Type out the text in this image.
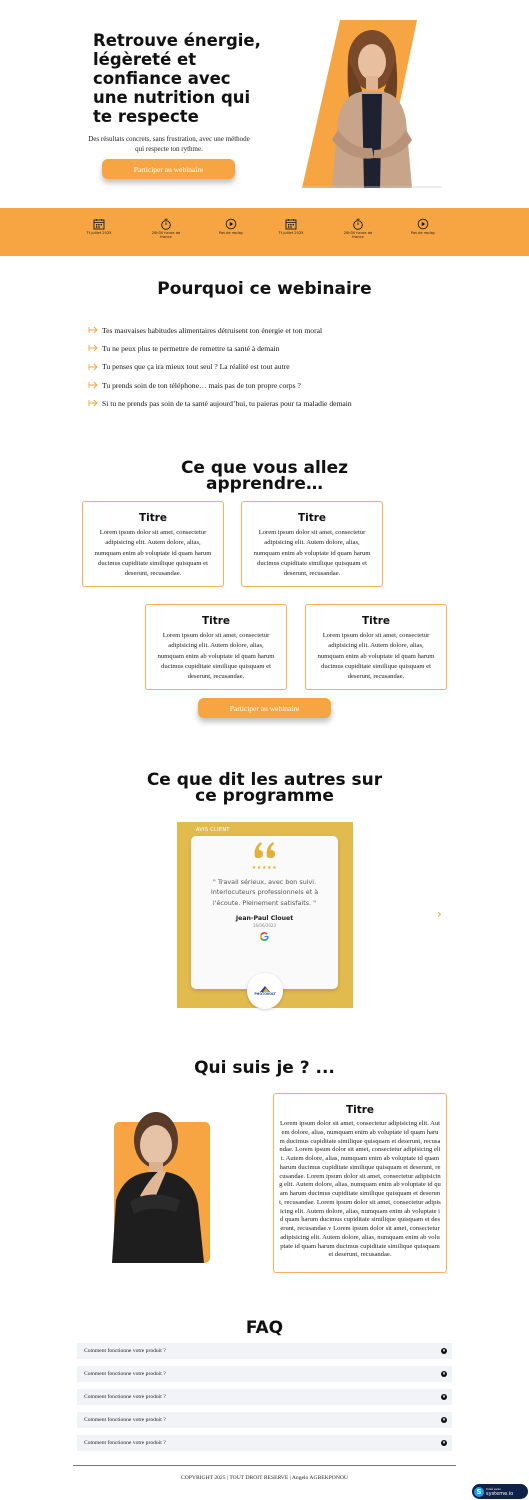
Retrouve énergie, légèreté et confiance avec une nutrition qui te respecte

Des résultats concrets, sans frustration, avec une méthode qui respecte ton rythme.

Participer au webinaire
Tt juillet 2025	20h30 heure de france
Pas de replay	Tt juillet 2025	20h30 heure de france
Pas de replay
Pourquoi ce webinaire
Tes mauvaises habitudes alimentaires détruisent ton énergie et ton moral
Tu ne peux plus te permettre de remettre ta santé à demain
Tu penses que ça ira mieux tout seul ? La réalité est tout autre
Tu prends soin de ton téléphone… mais pas de ton propre corps ?
Si tu ne prends pas soin de ta santé aujourd’hui, tu paieras pour ta maladie demain
Ce que vous allez
apprendre…
Titre
Lorem ipsum dolor sit amet, consectetur adipisicing elit. Autem dolore, alias, numquam enim ab voluptate id quam harum ducimus cupiditate similique quisquam et deserunt, recusandae.
Titre
Lorem ipsum dolor sit amet, consectetur adipisicing elit. Autem dolore, alias, numquam enim ab voluptate id quam harum ducimus cupiditate similique quisquam et deserunt, recusandae.
Titre
Lorem ipsum dolor sit amet, consectetur adipisicing elit. Autem dolore, alias, numquam enim ab voluptate id quam harum ducimus cupiditate similique quisquam et deserunt, recusandae.
Titre
Lorem ipsum dolor sit amet, consectetur adipisicing elit. Autem dolore, alias, numquam enim ab voluptate id quam harum ducimus cupiditate similique quisquam et deserunt, recusandae.
Participer au webinaire
Ce que dit les autres sur
ce programme
AVIS CLIENT
★★★★★
" Travail sérieux, avec bon suivi. Interlocuteurs professionnels et à l'écoute. Pleinement satisfaits. "
Jean-Paul Clouet
16/06/2023
PHOTOVOLT
›
Qui suis je ? ...
Titre
Lorem ipsum dolor sit amet, consectetur adipisicing elit. Autem dolore, alias, numquam enim ab voluptate id quam harum ducimus cupiditate similique quisquam et deserunt, recusandae. Lorem ipsum dolor sit amet, consectetur adipisicing elit. Autem dolore, alias, numquam enim ab voluptate id quam harum ducimus cupiditate similique quisquam et deserunt, recusandae. Lorem ipsum dolor sit amet, consectetur adipisicing elit. Autem dolore, alias, numquam enim ab voluptate id quam harum ducimus cupiditate similique quisquam et deserunt, recusandae. Lorem ipsum dolor sit amet, consectetur adipisicing elit. Autem dolore, alias, numquam enim ab voluptate id quam harum ducimus cupiditate similique quisquam et deserunt, recusandae.v Lorem ipsum dolor sit amet, consectetur adipisicing elit. Autem dolore, alias, numquam enim ab voluptate id quam harum ducimus cupiditate similique quisquam et deserunt, recusandae.
FAQ
Comment fonctionne votre produit ?	▾
Comment fonctionne votre produit ?	▾
Comment fonctionne votre produit ?	▾
Comment fonctionne votre produit ?	▾
Comment fonctionne votre produit ?	▾
COPYRIGHT 2025 | TOUT DROIT RESERVE | Angelo AGBEKPONOU
S	Créé avec
systeme.io
